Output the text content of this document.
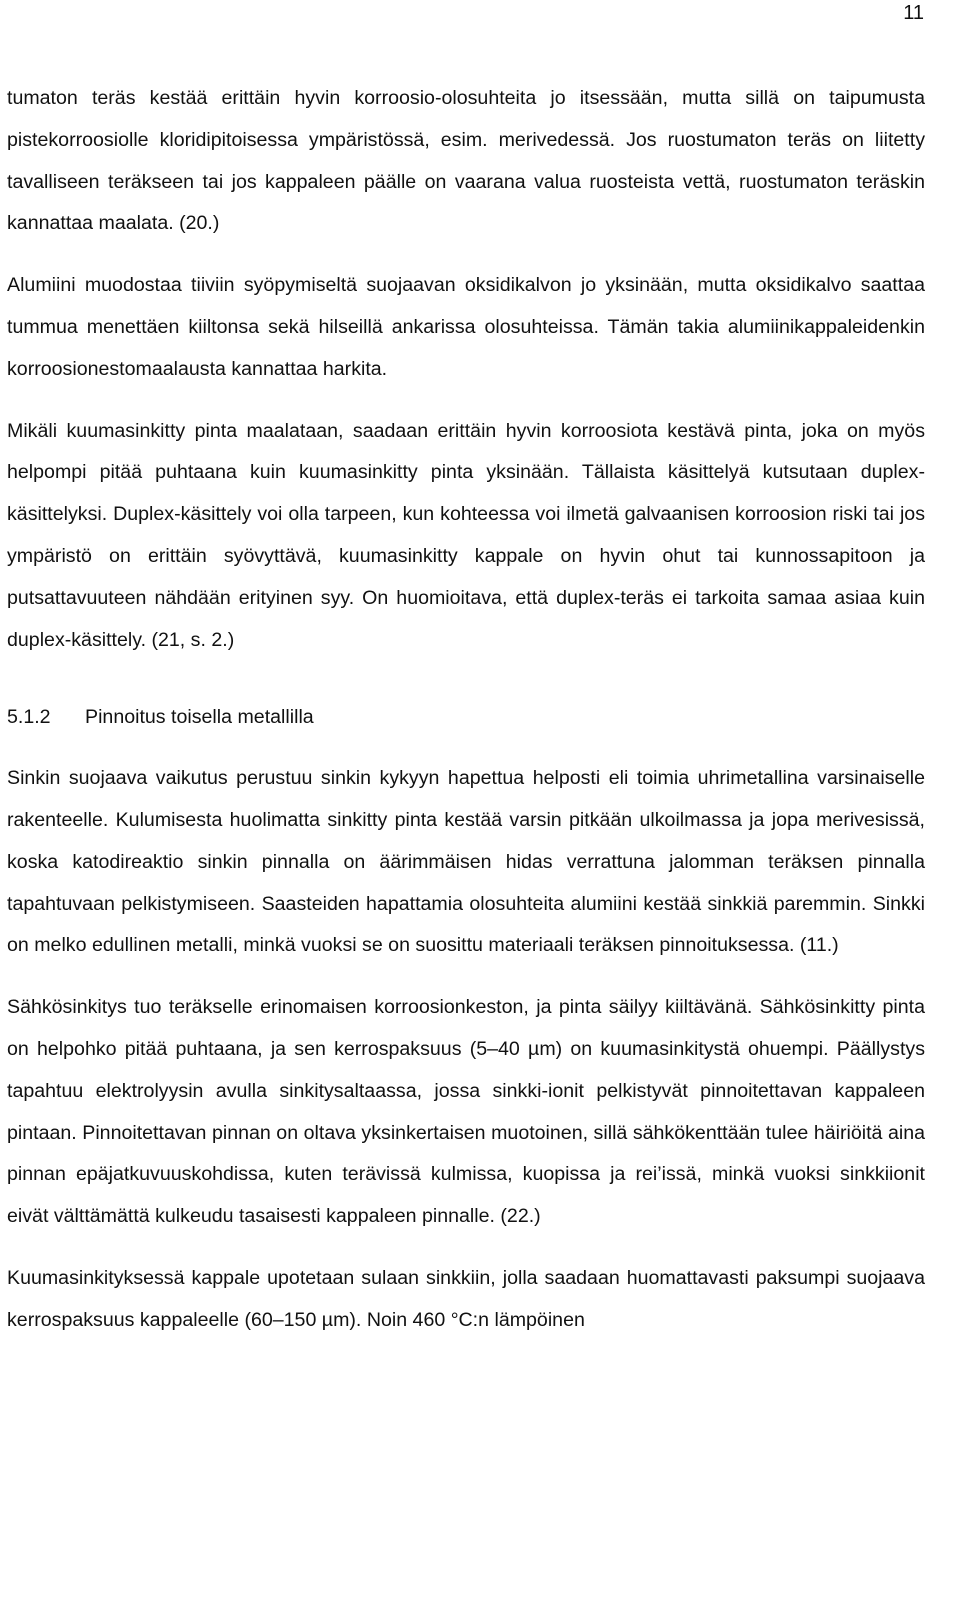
11

tumaton teräs kestää erittäin hyvin korroosio-olosuhteita jo itsessään, mutta sillä on taipumusta pistekorroosiolle kloridipitoisessa ympäristössä, esim. merivedessä. Jos ruostumaton teräs on liitetty tavalliseen teräkseen tai jos kappaleen päälle on vaarana valua ruosteista vettä, ruostumaton teräskin kannattaa maalata. (20.)

Alumiini muodostaa tiiviin syöpymiseltä suojaavan oksidikalvon jo yksinään, mutta oksidikalvo saattaa tummua menettäen kiiltonsa sekä hilseillä ankarissa olosuhteissa. Tämän takia alumiinikappaleidenkin korroosionestomaalausta kannattaa harkita.

Mikäli kuumasinkitty pinta maalataan, saadaan erittäin hyvin korroosiota kestävä pinta, joka on myös helpompi pitää puhtaana kuin kuumasinkitty pinta yksinään. Tällaista käsittelyä kutsutaan duplex-käsittelyksi. Duplex-käsittely voi olla tarpeen, kun kohteessa voi ilmetä galvaanisen korroosion riski tai jos ympäristö on erittäin syövyttävä, kuumasinkitty kappale on hyvin ohut tai kunnossapitoon ja putsattavuuteen nähdään erityinen syy. On huomioitava, että duplex-teräs ei tarkoita samaa asiaa kuin duplex-käsittely. (21, s. 2.)

5.1.2	Pinnoitus toisella metallilla

Sinkin suojaava vaikutus perustuu sinkin kykyyn hapettua helposti eli toimia uhrimetallina varsinaiselle rakenteelle. Kulumisesta huolimatta sinkitty pinta kestää varsin pitkään ulkoilmassa ja jopa merivesissä, koska katodireaktio sinkin pinnalla on äärimmäisen hidas verrattuna jalomman teräksen pinnalla tapahtuvaan pelkistymiseen. Saasteiden hapattamia olosuhteita alumiini kestää sinkkiä paremmin. Sinkki on melko edullinen metalli, minkä vuoksi se on suosittu materiaali teräksen pinnoituksessa. (11.)

Sähkösinkitys tuo teräkselle erinomaisen korroosionkeston, ja pinta säilyy kiiltävänä. Sähkösinkitty pinta on helpohko pitää puhtaana, ja sen kerrospaksuus (5–40 µm) on kuumasinkitystä ohuempi. Päällystys tapahtuu elektrolyysin avulla sinkitysaltaassa, jossa sinkki-ionit pelkistyvät pinnoitettavan kappaleen pintaan. Pinnoitettavan pinnan on oltava yksinkertaisen muotoinen, sillä sähkökenttään tulee häiriöitä aina pinnan epäjatkuvuuskohdissa, kuten terävissä kulmissa, kuopissa ja rei’issä, minkä vuoksi sinkkiionit eivät välttämättä kulkeudu tasaisesti kappaleen pinnalle. (22.)

Kuumasinkityksessä kappale upotetaan sulaan sinkkiin, jolla saadaan huomattavasti paksumpi suojaava kerrospaksuus kappaleelle (60–150 µm). Noin 460 °C:n lämpöinen
